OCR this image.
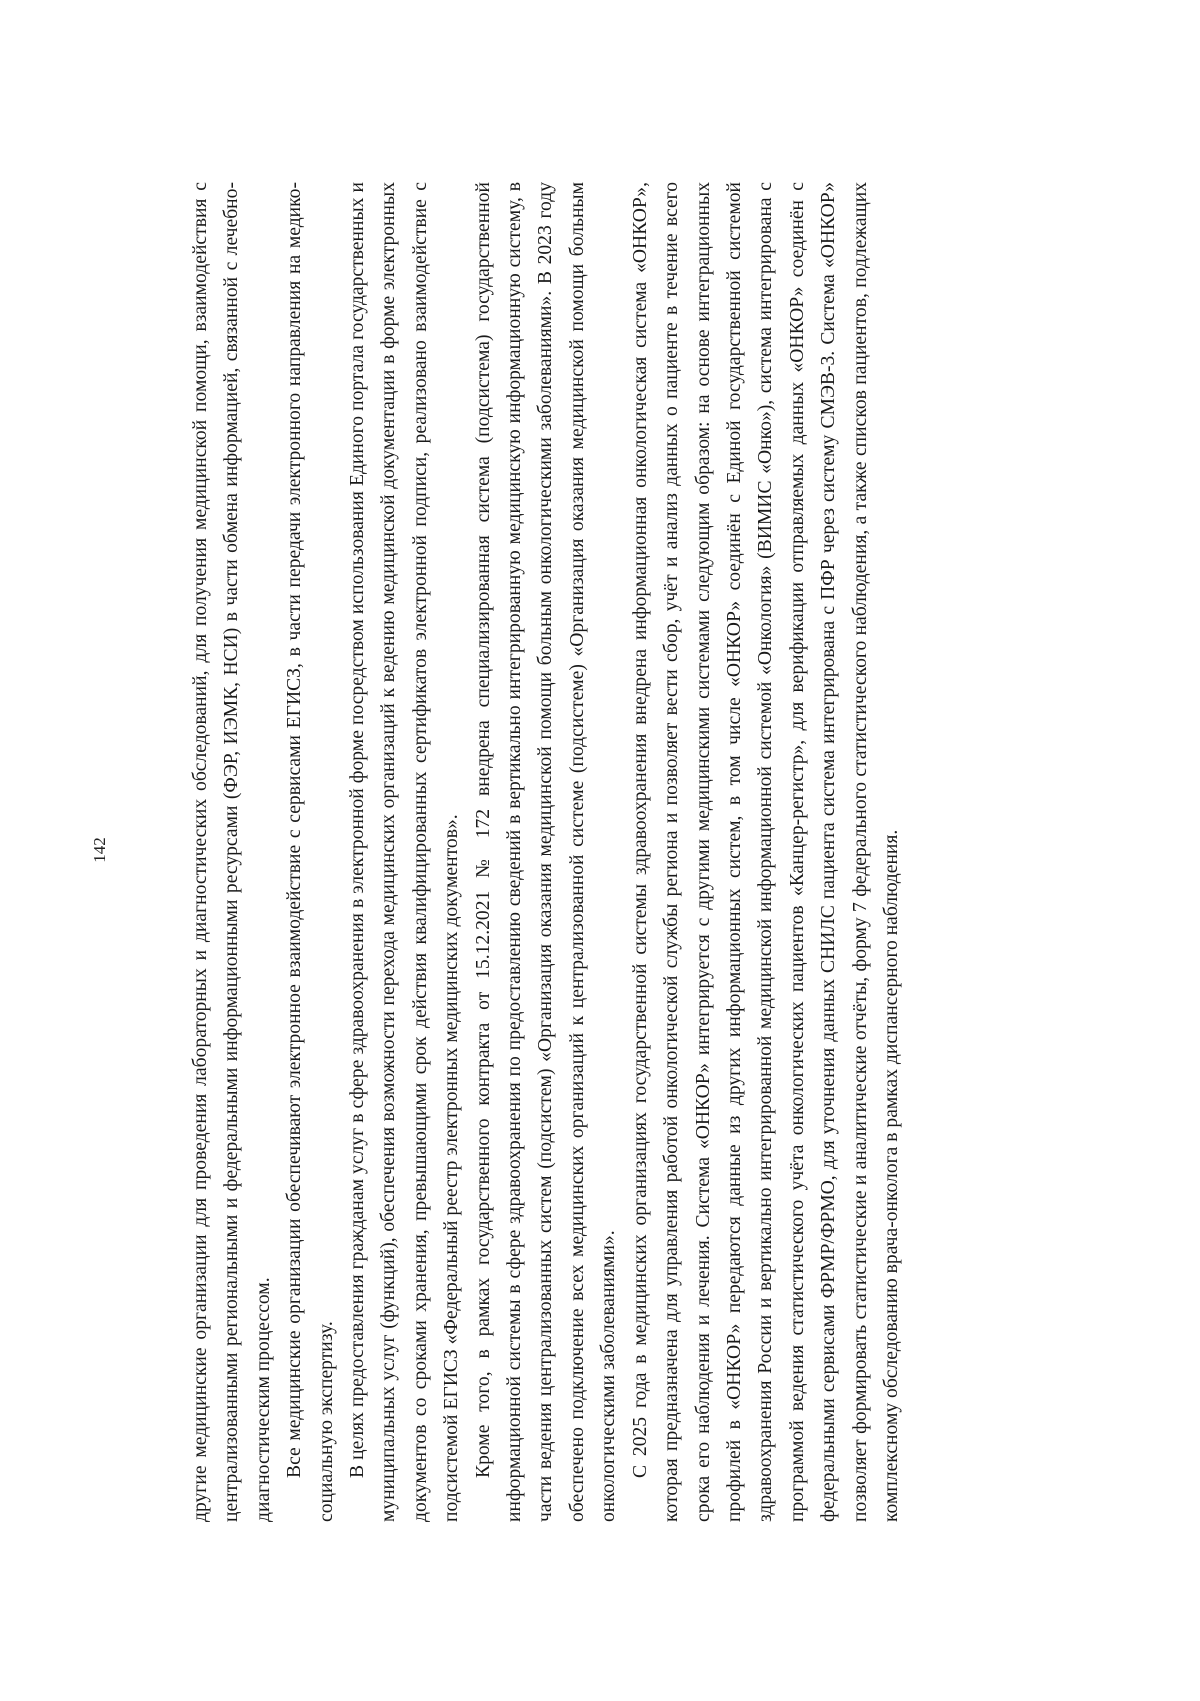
142	другие медицинские организации для проведения лабораторных и диагностических обследований, для получения медицинской помощи, взаимодействия с централизованными региональными и федеральными информационными ресурсами (ФЭР, ИЭМК, НСИ) в части обмена информацией, связанной с лечебно-диагностическим процессом. Все медицинские организации обеспечивают электронное взаимодействие с сервисами ЕГИСЗ, в части передачи электронного направления на медико-социальную экспертизу. В целях предоставления гражданам услуг в сфере здравоохранения в электронной форме посредством использования Единого портала государственных и муниципальных услуг (функций), обеспечения возможности перехода медицинских организаций к ведению медицинской документации в форме электронных документов со сроками хранения, превышающими срок действия квалифицированных сертификатов электронной подписи, реализовано взаимодействие с подсистемой ЕГИСЗ «Федеральный реестр электронных медицинских документов». Кроме того, в рамках государственного контракта от 15.12.2021 № 172 внедрена специализированная система (подсистема) государственной информационной системы в сфере здравоохранения по предоставлению сведений в вертикально интегрированную медицинскую информационную систему, в части ведения централизованных систем (подсистем) «Организация оказания медицинской помощи больным онкологическими заболеваниями». В 2023 году обеспечено подключение всех медицинских организаций к централизованной системе (подсистеме) «Организация оказания медицинской помощи больным онкологическими заболеваниями». С 2025 года в медицинских организациях государственной системы здравоохранения внедрена информационная онкологическая система «ОНКОР», которая предназначена для управления работой онкологической службы региона и позволяет вести сбор, учёт и анализ данных о пациенте в течение всего срока его наблюдения и лечения. Система «ОНКОР» интегрируется с другими медицинскими системами следующим образом: на основе интеграционных профилей в «ОНКОР» передаются данные из других информационных систем, в том числе «ОНКОР» соединён с Единой государственной системой здравоохранения России и вертикально интегрированной медицинской информационной системой «Онкология» (ВИМИС «Онко»), система интегрирована с программой ведения статистического учёта онкологических пациентов «Канцер-регистр», для верификации отправляемых данных «ОНКОР» соединён с федеральными сервисами ФРМР/ФРМО, для уточнения данных СНИЛС пациента система интегрирована с ПФР через систему СМЭВ-3. Система «ОНКОР» позволяет формировать статистические и аналитические отчёты, форму 7 федерального статистического наблюдения, а также списков пациентов, подлежащих комплексному обследованию врача-онколога в рамках диспансерного наблюдения.
